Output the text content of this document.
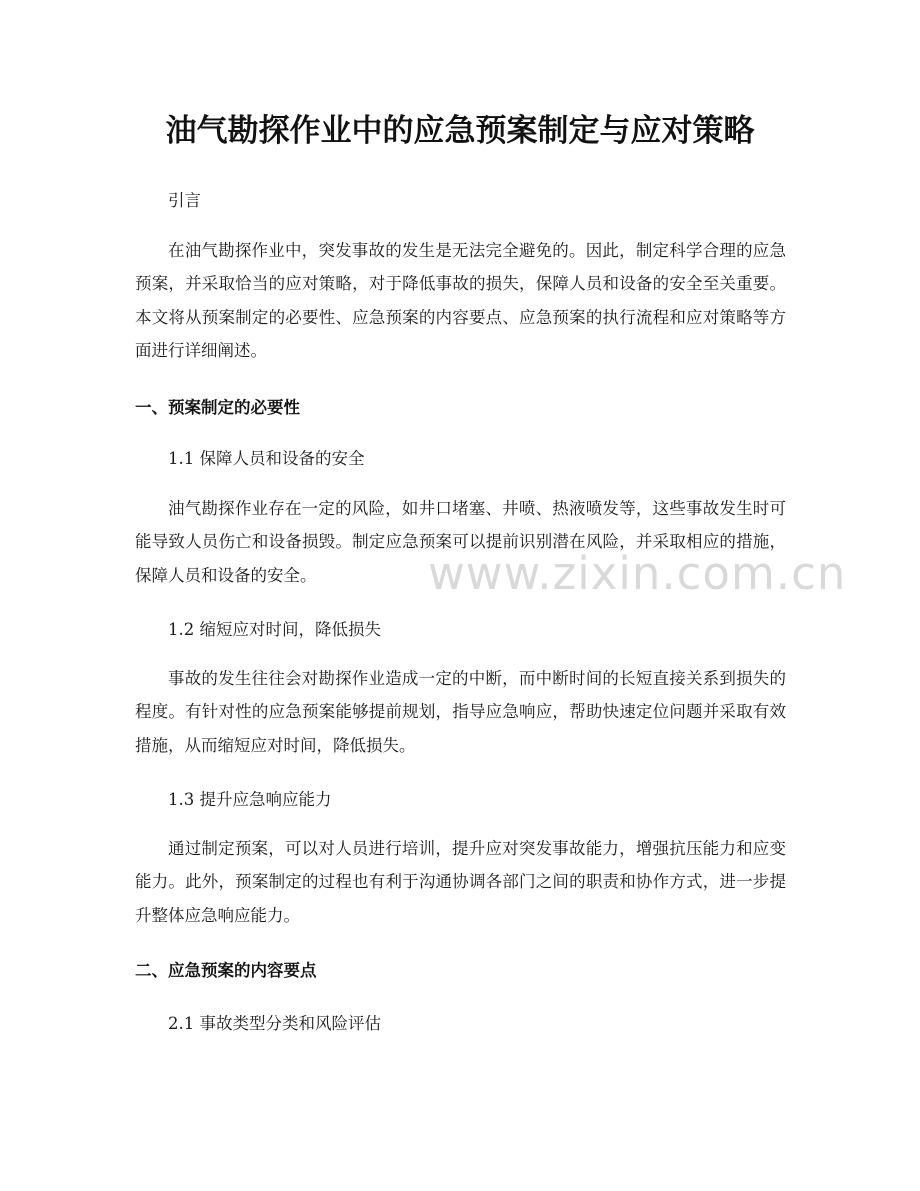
油气勘探作业中的应急预案制定与应对策略

引言

在油气勘探作业中，突发事故的发生是无法完全避免的。因此，制定科学合理的应急预案，并采取恰当的应对策略，对于降低事故的损失，保障人员和设备的安全至关重要。本文将从预案制定的必要性、应急预案的内容要点、应急预案的执行流程和应对策略等方面进行详细阐述。

一、预案制定的必要性

1.1 保障人员和设备的安全

油气勘探作业存在一定的风险，如井口堵塞、井喷、热液喷发等，这些事故发生时可能导致人员伤亡和设备损毁。制定应急预案可以提前识别潜在风险，并采取相应的措施，保障人员和设备的安全。

1.2 缩短应对时间，降低损失

事故的发生往往会对勘探作业造成一定的中断，而中断时间的长短直接关系到损失的程度。有针对性的应急预案能够提前规划，指导应急响应，帮助快速定位问题并采取有效措施，从而缩短应对时间，降低损失。

1.3 提升应急响应能力

通过制定预案，可以对人员进行培训，提升应对突发事故能力，增强抗压能力和应变能力。此外，预案制定的过程也有利于沟通协调各部门之间的职责和协作方式，进一步提升整体应急响应能力。

二、应急预案的内容要点

2.1 事故类型分类和风险评估

www.zixin.com.cn
